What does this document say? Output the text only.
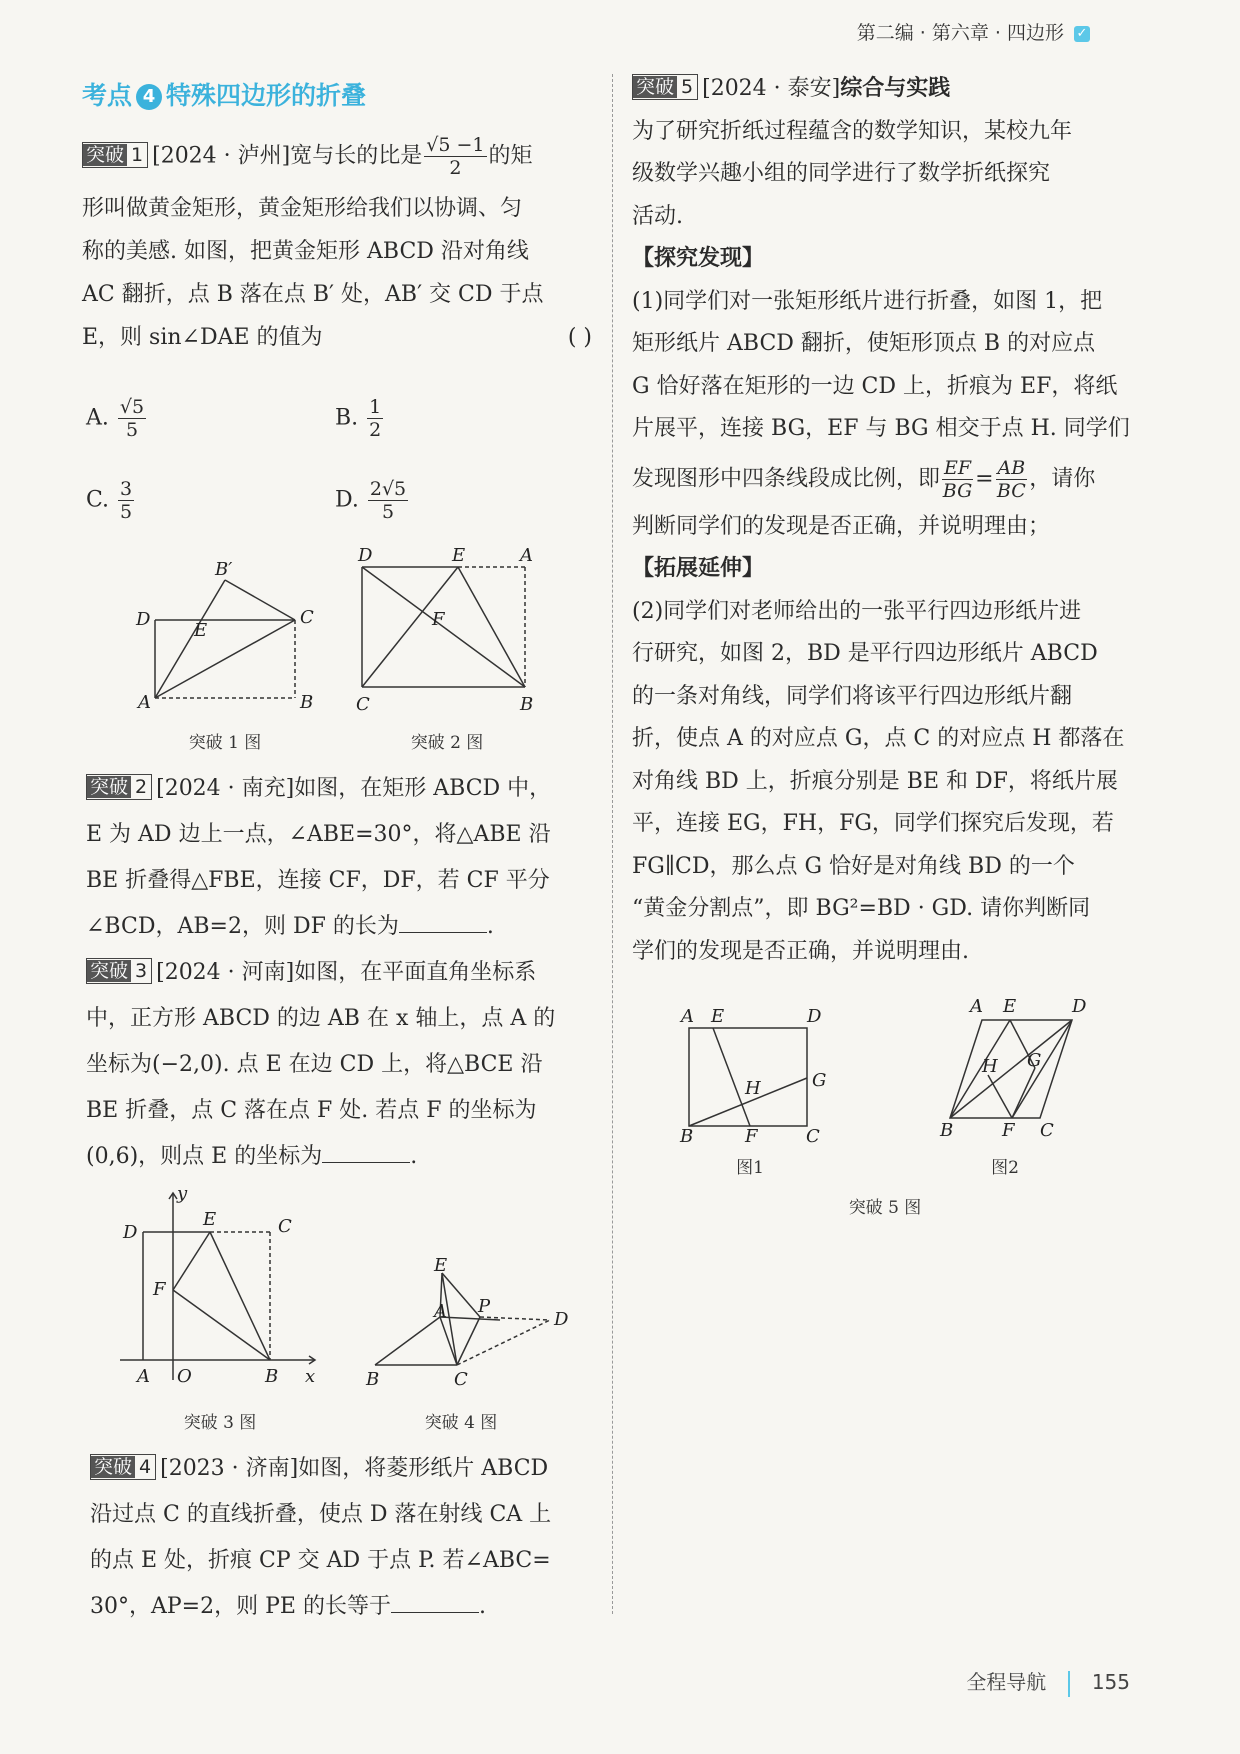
第二编 · 第六章 · 四边形 ✓
考点 4 特殊四边形的折叠

突破 1 [2024 · 泸州]宽与长的比是 $\frac{√5 -1}{2}$ 的矩

形叫做黄金矩形，黄金矩形给我们以协调、匀

称的美感. 如图，把黄金矩形 ABCD 沿对角线

AC 翻折，点 B 落在点 B′ 处，AB′ 交 CD 于点

E，则 sin∠DAE 的值为	( )

A. $\frac{√5}{5}$	B. $\frac{1}{2}$
C. $\frac{3}{5}$	D. $\frac{2√5}{5}$
B′
D
E
C
A	B
突破 1 图
D	E	A
F
C	B
突破 2 图

突破 2 [2024 · 南充]如图，在矩形 ABCD 中，

E 为 AD 边上一点，∠ABE=30°，将△ABE 沿

BE 折叠得△FBE，连接 CF，DF，若 CF 平分

∠BCD，AB=2，则 DF 的长为	.

突破 3 [2024 · 河南]如图，在平面直角坐标系

中，正方形 ABCD 的边 AB 在 x 轴上，点 A 的

坐标为(−2,0). 点 E 在边 CD 上，将△BCE 沿

BE 折叠，点 C 落在点 F 处. 若点 F 的坐标为

(0,6)，则点 E 的坐标为	.

y
D
E	C
F
A O	B x
突破 3 图
E
A P
D
B	C
突破 4 图

突破 4 [2023 · 济南]如图，将菱形纸片 ABCD

沿过点 C 的直线折叠，使点 D 落在射线 CA 上

的点 E 处，折痕 CP 交 AD 于点 P. 若∠ABC=

30°，AP=2，则 PE 的长等于	.

突破 5 [2024 · 泰安]综合与实践

为了研究折纸过程蕴含的数学知识，某校九年

级数学兴趣小组的同学进行了数学折纸探究

活动.

【探究发现】

(1)同学们对一张矩形纸片进行折叠，如图 1，把

矩形纸片 ABCD 翻折，使矩形顶点 B 的对应点

G 恰好落在矩形的一边 CD 上，折痕为 EF，将纸

片展平，连接 BG，EF 与 BG 相交于点 H. 同学们

发现图形中四条线段成比例，即 $\frac{EF}{BG} = \frac{AB}{BC}$ ，请你

判断同学们的发现是否正确，并说明理由；

【拓展延伸】

(2)同学们对老师给出的一张平行四边形纸片进

行研究，如图 2，BD 是平行四边形纸片 ABCD

的一条对角线，同学们将该平行四边形纸片翻

折，使点 A 的对应点 G，点 C 的对应点 H 都落在

对角线 BD 上，折痕分别是 BE 和 DF，将纸片展

平，连接 EG，FH，FG，同学们探究后发现，若

FG∥CD，那么点 G 恰好是对角线 BD 的一个

“黄金分割点”，即 BG²=BD · GD. 请你判断同

学们的发现是否正确，并说明理由.

A E	D
H	G
B	F	C
图1
A E	D
H G
B	F C
图2
突破 5 图
全程导航 155
